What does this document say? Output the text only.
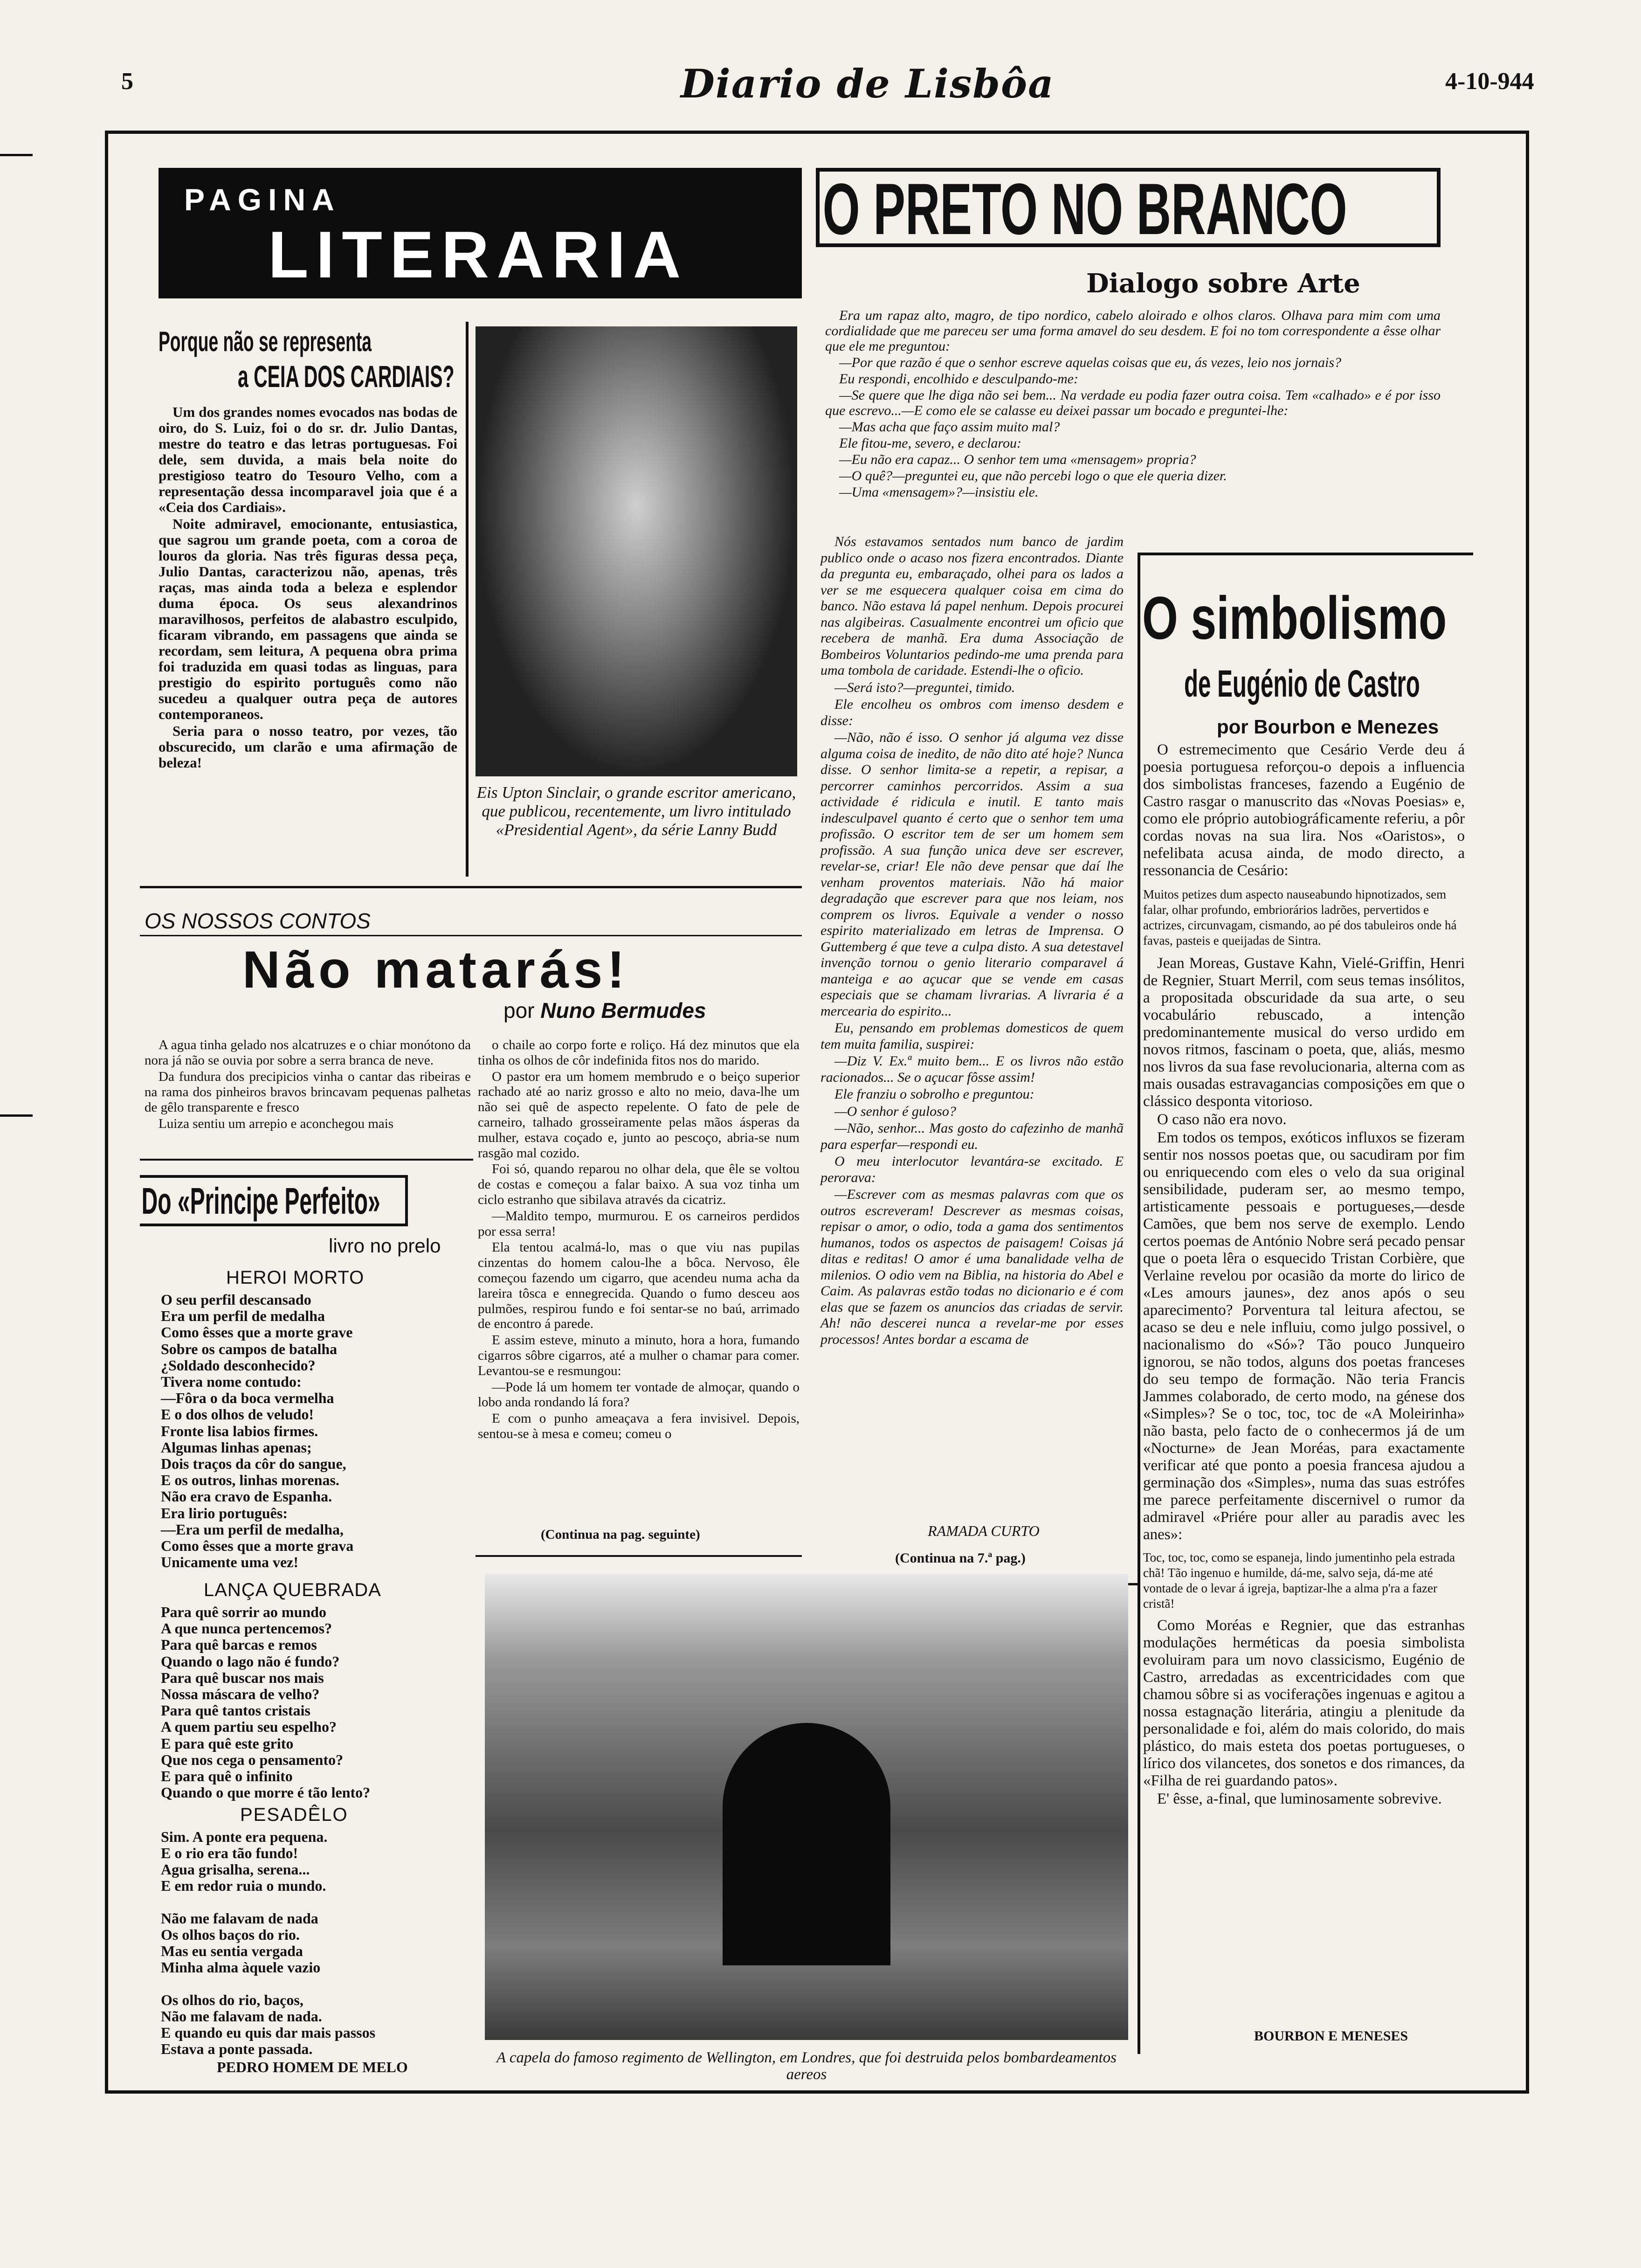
5	Diario de Lisbôa	4-10-944
PAGINA
LITERARIA
Porque não se representa
a CEIA DOS CARDIAIS?

Um dos grandes nomes evocados nas bodas de oiro, do S. Luiz, foi o do sr. dr. Julio Dantas, mestre do teatro e das letras portuguesas. Foi dele, sem duvida, a mais bela noite do prestigioso teatro do Tesouro Velho, com a representação dessa incomparavel joia que é a «Ceia dos Cardiais».

Noite admiravel, emocionante, entusiastica, que sagrou um grande poeta, com a coroa de louros da gloria. Nas três figuras dessa peça, Julio Dantas, caracterizou não, apenas, três raças, mas ainda toda a beleza e esplendor duma época. Os seus alexandrinos maravilhosos, perfeitos de alabastro esculpido, ficaram vibrando, em passagens que ainda se recordam, sem leitura, A pequena obra prima foi traduzida em quasi todas as linguas, para prestigio do espirito português como não sucedeu a qualquer outra peça de autores contemporaneos.

Seria para o nosso teatro, por vezes, tão obscurecido, um clarão e uma afirmação de beleza!

Eis Upton Sinclair, o grande escritor americano, que publicou, recentemente, um livro intitulado «Presidential Agent», da série Lanny Budd
O PRETO NO BRANCO
Dialogo sobre Arte

Era um rapaz alto, magro, de tipo nordico, cabelo aloirado e olhos claros. Olhava para mim com uma cordialidade que me pareceu ser uma forma amavel do seu desdem. E foi no tom correspondente a êsse olhar que ele me preguntou:

—Por que razão é que o senhor escreve aquelas coisas que eu, ás vezes, leio nos jornais?

Eu respondi, encolhido e desculpando-me:

—Se quere que lhe diga não sei bem... Na verdade eu podia fazer outra coisa. Tem «calhado» e é por isso que escrevo...—E como ele se calasse eu deixei passar um bocado e preguntei-lhe:

—Mas acha que faço assim muito mal?

Ele fitou-me, severo, e declarou:

—Eu não era capaz... O senhor tem uma «mensagem» propria?

—O quê?—preguntei eu, que não percebi logo o que ele queria dizer.

—Uma «mensagem»?—insistiu ele.

Nós estavamos sentados num banco de jardim publico onde o acaso nos fizera encontrados. Diante da pregunta eu, embaraçado, olhei para os lados a ver se me esquecera qualquer coisa em cima do banco. Não estava lá papel nenhum. Depois procurei nas algibeiras. Casualmente encontrei um oficio que recebera de manhã. Era duma Associação de Bombeiros Voluntarios pedindo-me uma prenda para uma tombola de caridade. Estendi-lhe o oficio.

—Será isto?—preguntei, timido.

Ele encolheu os ombros com imenso desdem e disse:

—Não, não é isso. O senhor já alguma vez disse alguma coisa de inedito, de não dito até hoje? Nunca disse. O senhor limita-se a repetir, a repisar, a percorrer caminhos percorridos. Assim a sua actividade é ridicula e inutil. E tanto mais indesculpavel quanto é certo que o senhor tem uma profissão. O escritor tem de ser um homem sem profissão. A sua função unica deve ser escrever, revelar-se, criar! Ele não deve pensar que daí lhe venham proventos materiais. Não há maior degradação que escrever para que nos leiam, nos comprem os livros. Equivale a vender o nosso espirito materializado em letras de Imprensa. O Guttemberg é que teve a culpa disto. A sua detestavel invenção tornou o genio literario comparavel á manteiga e ao açucar que se vende em casas especiais que se chamam livrarias. A livraria é a mercearia do espirito...

Eu, pensando em problemas domesticos de quem tem muita familia, suspirei:

—Diz V. Ex.ª muito bem... E os livros não estão racionados... Se o açucar fôsse assim!

Ele franziu o sobrolho e preguntou:

—O senhor é guloso?

—Não, senhor... Mas gosto do cafezinho de manhã para esperfar—respondi eu.

O meu interlocutor levantára-se excitado. E perorava:

—Escrever com as mesmas palavras com que os outros escreveram! Descrever as mesmas coisas, repisar o amor, o odio, toda a gama dos sentimentos humanos, todos os aspectos de paisagem! Coisas já ditas e reditas! O amor é uma banalidade velha de milenios. O odio vem na Biblia, na historia do Abel e Caim. As palavras estão todas no dicionario e é com elas que se fazem os anuncios das criadas de servir. Ah! não descerei nunca a revelar-me por esses processos! Antes bordar a escama de

RAMADA CURTO
(Continua na 7.ª pag.)
O simbolismo
de Eugénio de Castro
por Bourbon e Menezes

O estremecimento que Cesário Verde deu á poesia portuguesa reforçou-o depois a influencia dos simbolistas franceses, fazendo a Eugénio de Castro rasgar o manuscrito das «Novas Poesias» e, como ele próprio autobiográficamente referiu, a pôr cordas novas na sua lira. Nos «Oaristos», o nefelibata acusa ainda, de modo directo, a ressonancia de Cesário:

Muitos petizes dum aspecto nauseabundo hipnotizados, sem falar, olhar profundo, embriorários ladrões, pervertidos e actrizes, circunvagam, cismando, ao pé dos tabuleiros onde há favas, pasteis e queijadas de Sintra.

Jean Moreas, Gustave Kahn, Vielé-Griffin, Henri de Regnier, Stuart Merril, com seus temas insólitos, a propositada obscuridade da sua arte, o seu vocabulário rebuscado, a intenção predominantemente musical do verso urdido em novos ritmos, fascinam o poeta, que, aliás, mesmo nos livros da sua fase revolucionaria, alterna com as mais ousadas estravagancias composições em que o clássico desponta vitorioso.

O caso não era novo.

Em todos os tempos, exóticos influxos se fizeram sentir nos nossos poetas que, ou sacudiram por fim ou enriquecendo com eles o velo da sua original sensibilidade, puderam ser, ao mesmo tempo, artisticamente pessoais e portugueses,—desde Camões, que bem nos serve de exemplo. Lendo certos poemas de António Nobre será pecado pensar que o poeta lêra o esquecido Tristan Corbière, que Verlaine revelou por ocasião da morte do lirico de «Les amours jaunes», dez anos após o seu aparecimento? Porventura tal leitura afectou, se acaso se deu e nele influiu, como julgo possivel, o nacionalismo do «Só»? Tão pouco Junqueiro ignorou, se não todos, alguns dos poetas franceses do seu tempo de formação. Não teria Francis Jammes colaborado, de certo modo, na génese dos «Simples»? Se o toc, toc, toc de «A Moleirinha» não basta, pelo facto de o conhecermos já de um «Nocturne» de Jean Moréas, para exactamente verificar até que ponto a poesia francesa ajudou a germinação dos «Simples», numa das suas estrófes me parece perfeitamente discernivel o rumor da admiravel «Priére pour aller au paradis avec les anes»:

Toc, toc, toc, como se espaneja, lindo jumentinho pela estrada chã! Tão ingenuo e humilde, dá-me, salvo seja, dá-me até vontade de o levar á igreja, baptizar-lhe a alma p'ra a fazer cristã!

Como Moréas e Regnier, que das estranhas modulações herméticas da poesia simbolista evoluiram para um novo classicismo, Eugénio de Castro, arredadas as excentricidades com que chamou sôbre si as vociferações ingenuas e agitou a nossa estagnação literária, atingiu a plenitude da personalidade e foi, além do mais colorido, do mais plástico, do mais esteta dos poetas portugueses, o lírico dos vilancetes, dos sonetos e dos rimances, da «Filha de rei guardando patos».

E' êsse, a-final, que luminosamente sobrevive.

BOURBON E MENESES
OS NOSSOS CONTOS
Não matarás!
por Nuno Bermudes

A agua tinha gelado nos alcatruzes e o chiar monótono da nora já não se ouvia por sobre a serra branca de neve.

Da fundura dos precipicios vinha o cantar das ribeiras e na rama dos pinheiros bravos brincavam pequenas palhetas de gêlo transparente e fresco

Luiza sentiu um arrepio e aconchegou mais

o chaile ao corpo forte e roliço. Há dez minutos que ela tinha os olhos de côr indefinida fitos nos do marido.

O pastor era um homem membrudo e o beiço superior rachado até ao nariz grosso e alto no meio, dava-lhe um não sei quê de aspecto repelente. O fato de pele de carneiro, talhado grosseiramente pelas mãos ásperas da mulher, estava coçado e, junto ao pescoço, abria-se num rasgão mal cozido.

Foi só, quando reparou no olhar dela, que êle se voltou de costas e começou a falar baixo. A sua voz tinha um ciclo estranho que sibilava através da cicatriz.

—Maldito tempo, murmurou. E os carneiros perdidos por essa serra!

Ela tentou acalmá-lo, mas o que viu nas pupilas cinzentas do homem calou-lhe a bôca. Nervoso, êle começou fazendo um cigarro, que acendeu numa acha da lareira tôsca e ennegrecida. Quando o fumo desceu aos pulmões, respirou fundo e foi sentar-se no baú, arrimado de encontro á parede.

E assim esteve, minuto a minuto, hora a hora, fumando cigarros sôbre cigarros, até a mulher o chamar para comer. Levantou-se e resmungou:

—Pode lá um homem ter vontade de almoçar, quando o lobo anda rondando lá fora?

E com o punho ameaçava a fera invisivel. Depois, sentou-se à mesa e comeu; comeu o

(Continua na pag. seguinte)
Do «Principe Perfeito»
livro no prelo
HEROI MORTO
O seu perfil descansado
Era um perfil de medalha
Como êsses que a morte grave
Sobre os campos de batalha
¿Soldado desconhecido?
Tivera nome contudo:
—Fôra o da boca vermelha
E o dos olhos de veludo!
Fronte lisa labios firmes.
Algumas linhas apenas;
Dois traços da côr do sangue,
E os outros, linhas morenas.
Não era cravo de Espanha.
Era lirio português:
—Era um perfil de medalha,
Como êsses que a morte grava
Unicamente uma vez!
LANÇA QUEBRADA
Para quê sorrir ao mundo
A que nunca pertencemos?
Para quê barcas e remos
Quando o lago não é fundo?
Para quê buscar nos mais
Nossa máscara de velho?
Para quê tantos cristais
A quem partiu seu espelho?
E para quê este grito
Que nos cega o pensamento?
E para quê o infinito
Quando o que morre é tão lento?
PESADÊLO
Sim. A ponte era pequena.
E o rio era tão fundo!
Agua grisalha, serena...
E em redor ruia o mundo.

Não me falavam de nada
Os olhos baços do rio.
Mas eu sentia vergada
Minha alma àquele vazio

Os olhos do rio, baços,
Não me falavam de nada.
E quando eu quis dar mais passos
Estava a ponte passada.
PEDRO HOMEM DE MELO
A capela do famoso regimento de Wellington, em Londres, que foi destruida pelos bombardeamentos aereos
